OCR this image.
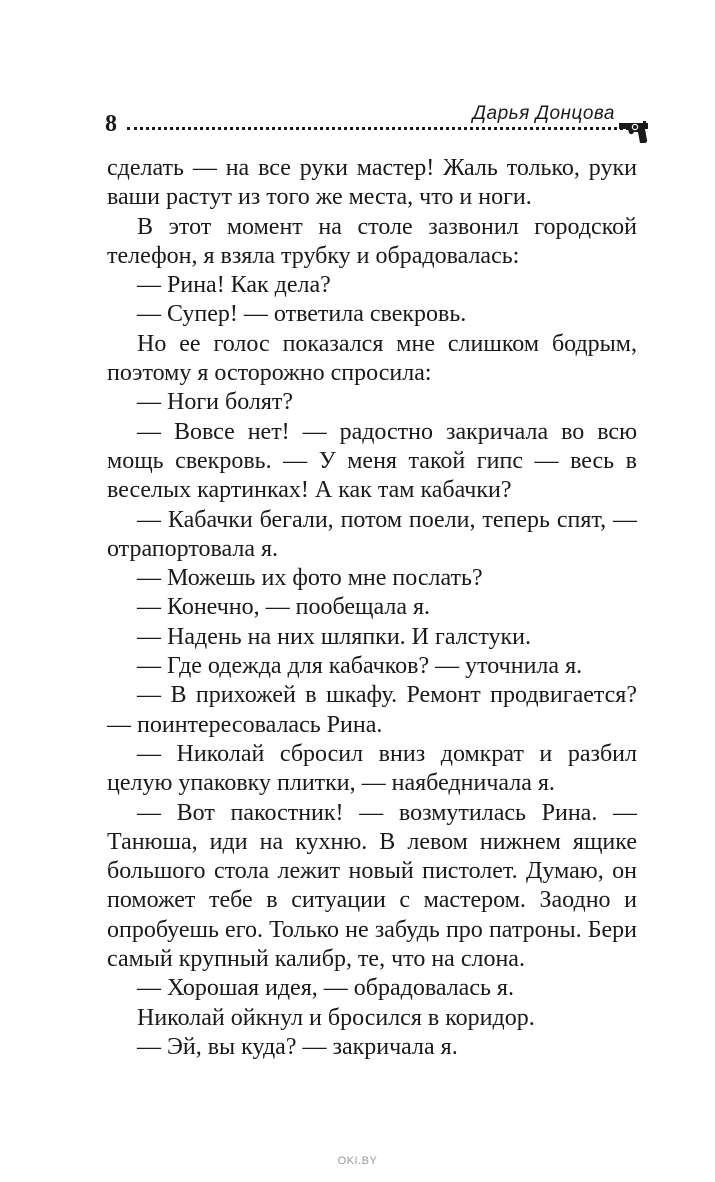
8	Дарья Донцова

сделать — на все руки мастер! Жаль только, руки ваши растут из того же места, что и ноги.

В этот момент на столе зазвонил городской телефон, я взяла трубку и обрадовалась:

— Рина! Как дела?

— Супер! — ответила свекровь.

Но ее голос показался мне слишком бодрым, поэтому я осторожно спросила:

— Ноги болят?

— Вовсе нет! — радостно закричала во всю мощь свекровь. — У меня такой гипс — весь в веселых картинках! А как там кабачки?

— Кабачки бегали, потом поели, теперь спят, — отрапортовала я.

— Можешь их фото мне послать?

— Конечно, — пообещала я.

— Надень на них шляпки. И галстуки.

— Где одежда для кабачков? — уточнила я.

— В прихожей в шкафу. Ремонт продвигается? — поинтересовалась Рина.

— Николай сбросил вниз домкрат и разбил целую упаковку плитки, — наябедничала я.

— Вот пакостник! — возмутилась Рина. — Танюша, иди на кухню. В левом нижнем ящике большого стола лежит новый пистолет. Думаю, он поможет тебе в ситуации с мастером. Заодно и опробуешь его. Только не забудь про патроны. Бери самый крупный калибр, те, что на слона.

— Хорошая идея, — обрадовалась я.

Николай ойкнул и бросился в коридор.

— Эй, вы куда? — закричала я.

OKI.BY
